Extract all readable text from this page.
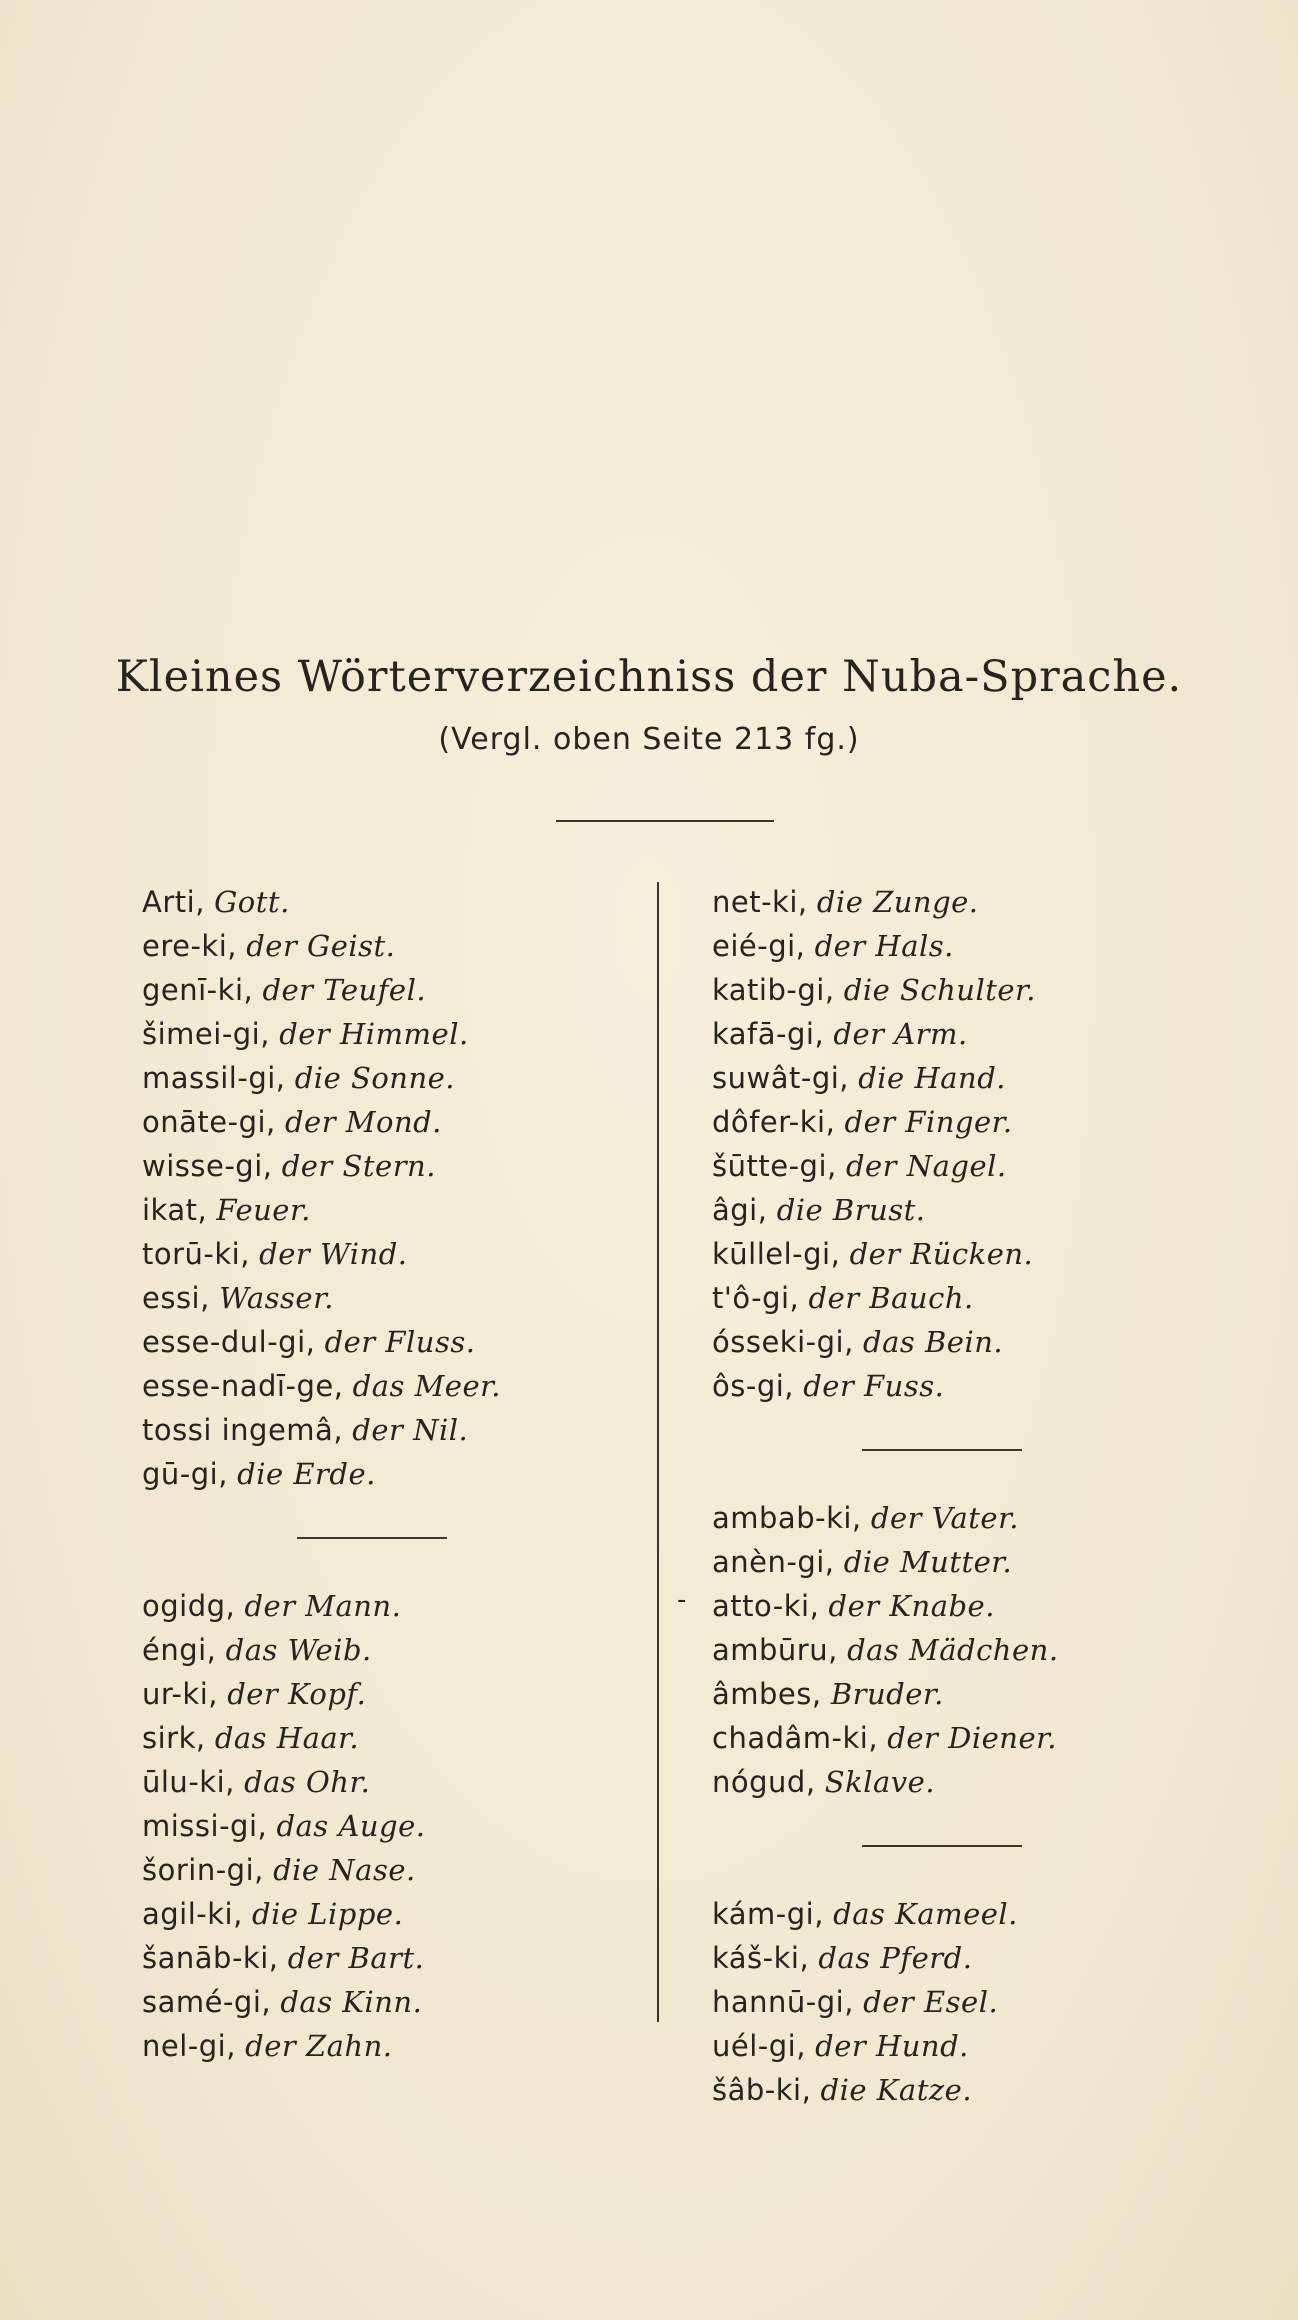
Kleines Wörterverzeichniss der Nuba-Sprache.
(Vergl. oben Seite 213 fg.)
Arti, Gott.
ere-ki, der Geist.
genī-ki, der Teufel.
šimei-gi, der Himmel.
massil-gi, die Sonne.
onāte-gi, der Mond.
wisse-gi, der Stern.
ikat, Feuer.
torū-ki, der Wind.
essi, Wasser.
esse-dul-gi, der Fluss.
esse-nadī-ge, das Meer.
tossi ingemâ, der Nil.
gū-gi, die Erde.
ogidg, der Mann.
éngi, das Weib.
ur-ki, der Kopf.
sirk, das Haar.
ūlu-ki, das Ohr.
missi-gi, das Auge.
šorin-gi, die Nase.
agil-ki, die Lippe.
šanāb-ki, der Bart.
samé-gi, das Kinn.
nel-gi, der Zahn.
net-ki, die Zunge.
eié-gi, der Hals.
katib-gi, die Schulter.
kafā-gi, der Arm.
suwât-gi, die Hand.
dôfer-ki, der Finger.
šūtte-gi, der Nagel.
âgi, die Brust.
kūllel-gi, der Rücken.
t'ô-gi, der Bauch.
ósseki-gi, das Bein.
ôs-gi, der Fuss.
ambab-ki, der Vater.
anèn-gi, die Mutter.
atto-ki, der Knabe.
ambūru, das Mädchen.
âmbes, Bruder.
chadâm-ki, der Diener.
nógud, Sklave.
kám-gi, das Kameel.
káš-ki, das Pferd.
hannū-gi, der Esel.
uél-gi, der Hund.
šâb-ki, die Katze.
-
